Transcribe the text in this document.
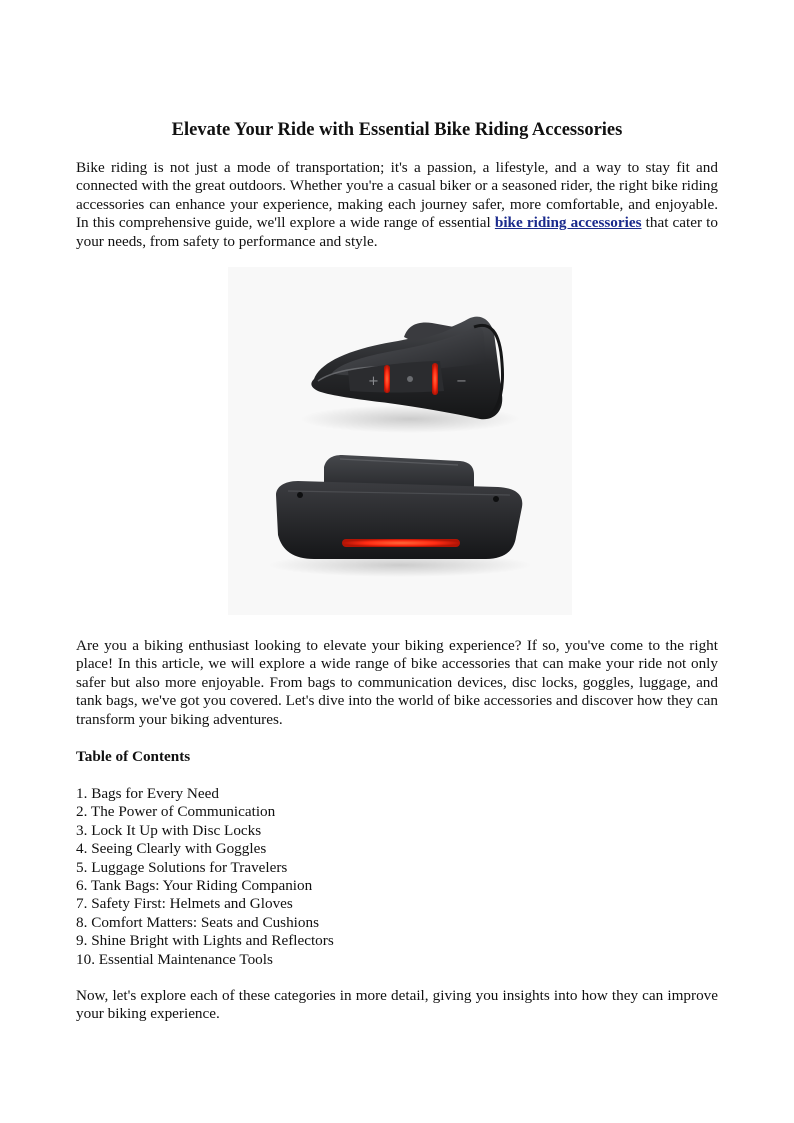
Elevate Your Ride with Essential Bike Riding Accessories

Bike riding is not just a mode of transportation; it's a passion, a lifestyle, and a way to stay fit and connected with the great outdoors. Whether you're a casual biker or a seasoned rider, the right bike riding accessories can enhance your experience, making each journey safer, more comfortable, and enjoyable. In this comprehensive guide, we'll explore a wide range of essential bike riding accessories that cater to your needs, from safety to performance and style.

Are you a biking enthusiast looking to elevate your biking experience? If so, you've come to the right place! In this article, we will explore a wide range of bike accessories that can make your ride not only safer but also more enjoyable. From bags to communication devices, disc locks, goggles, luggage, and tank bags, we've got you covered. Let's dive into the world of bike accessories and discover how they can transform your biking adventures.

Table of Contents

1. Bags for Every Need
2. The Power of Communication
3. Lock It Up with Disc Locks
4. Seeing Clearly with Goggles
5. Luggage Solutions for Travelers
6. Tank Bags: Your Riding Companion
7. Safety First: Helmets and Gloves
8. Comfort Matters: Seats and Cushions
9. Shine Bright with Lights and Reflectors
10. Essential Maintenance Tools

Now, let's explore each of these categories in more detail, giving you insights into how they can improve your biking experience.

+	−
